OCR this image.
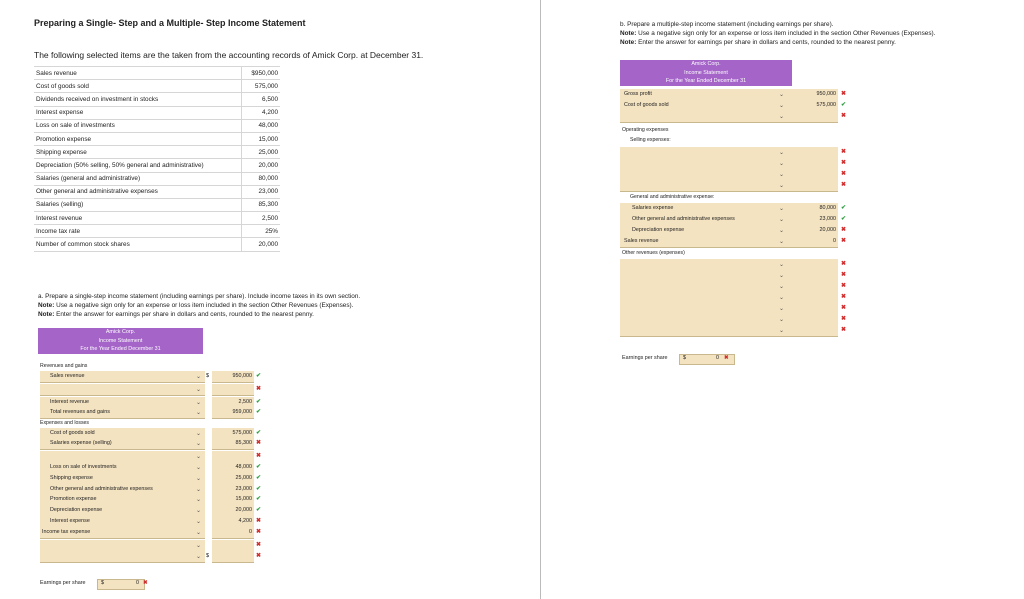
Preparing a Single- Step and a Multiple- Step Income Statement
The following selected items are the taken from the accounting records of Amick Corp. at December 31.
Sales revenue	$950,000
Cost of goods sold	575,000
Dividends received on investment in stocks	6,500
Interest expense	4,200
Loss on sale of investments	48,000
Promotion expense	15,000
Shipping expense	25,000
Depreciation (50% selling, 50% general and administrative)	20,000
Salaries (general and administrative)	80,000
Other general and administrative expenses	23,000
Salaries (selling)	85,300
Interest revenue	2,500
Income tax rate	25%
Number of common stock shares	20,000
a. Prepare a single-step income statement (including earnings per share). Include income taxes in its own section.
Note: Use a negative sign only for an expense or loss item included in the section Other Revenues (Expenses).
Note: Enter the answer for earnings per share in dollars and cents, rounded to the nearest penny.
Amick Corp.
Income Statement
For the Year Ended December 31
Revenues and gains
Sales revenue	⌄ $	950,000 ✔
⌄	✖
Interest revenue	⌄	2,500 ✔
Total revenues and gains	⌄	959,000 ✔
Expenses and losses
Cost of goods sold	⌄	575,000 ✔
Salaries expense (selling)	⌄	85,300 ✖
⌄	✖
Loss on sale of investments	⌄	48,000 ✔
Shipping expense	⌄	25,000 ✔
Other general and administrative expenses	⌄	23,000 ✔
Promotion expense	⌄	15,000 ✔
Depreciation expense	⌄	20,000 ✔
Interest expense	⌄	4,200 ✖
Income tax expense	⌄	0 ✖
⌄	✖
⌄ $	✖
Earnings per share	$	0 ✖
b. Prepare a multiple-step income statement (including earnings per share).
Note: Use a negative sign only for an expense or loss item included in the section Other Revenues (Expenses).
Note: Enter the answer for earnings per share in dollars and cents, rounded to the nearest penny.
Amick Corp.
Income Statement
For the Year Ended December 31
Gross profit	⌄	950,000 ✖
Cost of goods sold	⌄	575,000 ✔
⌄	✖
Operating expenses
Selling expenses:
⌄	✖
⌄	✖
⌄	✖
⌄	✖
General and administrative expense:
Salaries expense	⌄	80,000 ✔
Other general and administrative expenses	⌄	23,000 ✔
Depreciation expense	⌄	20,000 ✖
Sales revenue	⌄	0 ✖
Other revenues (expenses)
⌄	✖
⌄	✖
⌄	✖
⌄	✖
⌄	✖
⌄	✖
⌄	✖
Earnings per share	$	0 ✖
